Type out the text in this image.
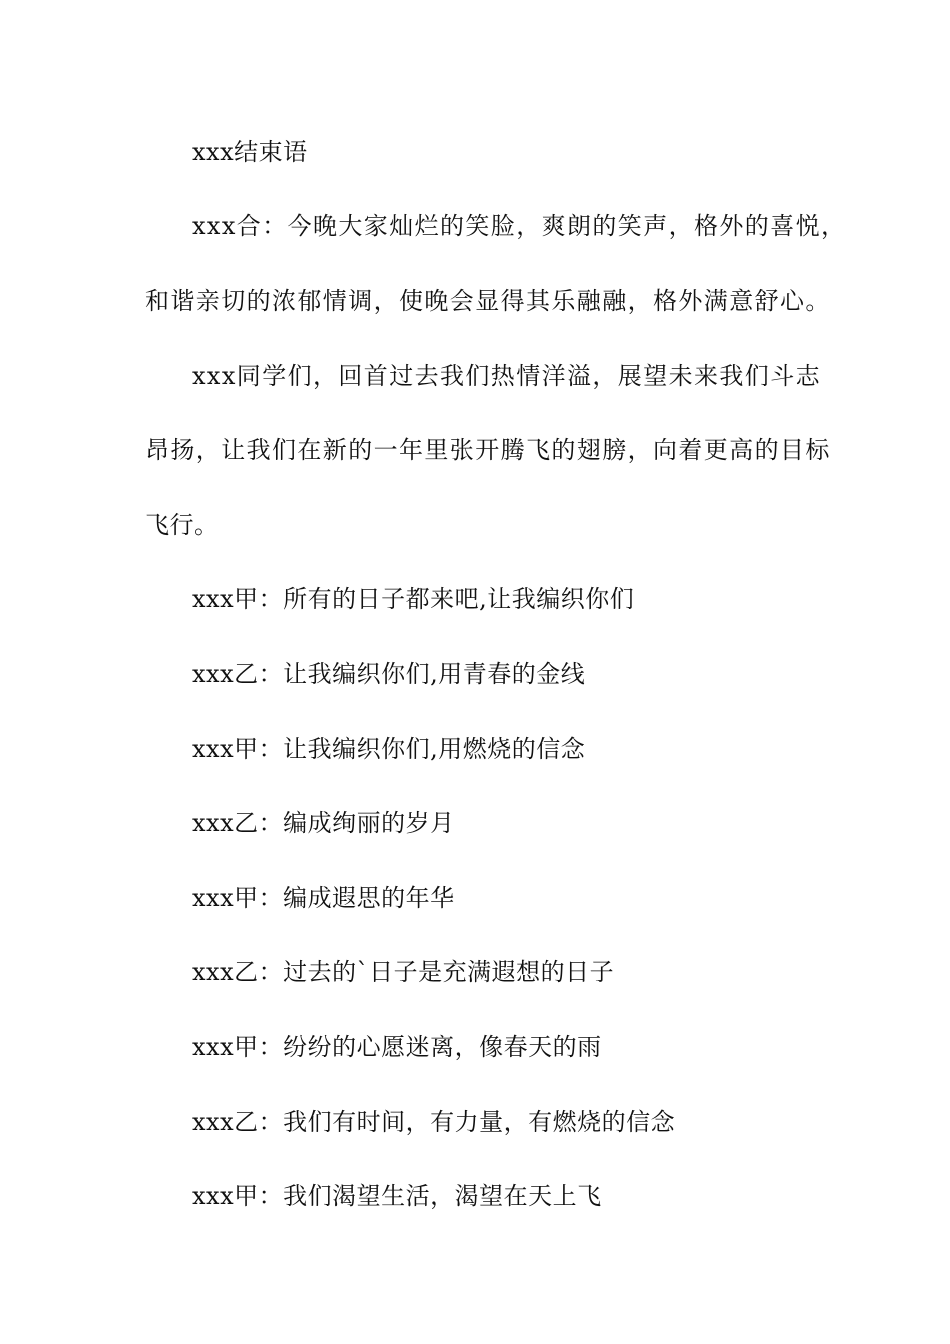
xxx结束语
xxx合：今晚大家灿烂的笑脸，爽朗的笑声，格外的喜悦，
和谐亲切的浓郁情调，使晚会显得其乐融融，格外满意舒心。
xxx同学们，回首过去我们热情洋溢，展望未来我们斗志
昂扬，让我们在新的一年里张开腾飞的翅膀，向着更高的目标
飞行。
xxx甲：所有的日子都来吧,让我编织你们
xxx乙：让我编织你们,用青春的金线
xxx甲：让我编织你们,用燃烧的信念
xxx乙：编成绚丽的岁月
xxx甲：编成遐思的年华
xxx乙：过去的`日子是充满遐想的日子
xxx甲：纷纷的心愿迷离，像春天的雨
xxx乙：我们有时间，有力量，有燃烧的信念
xxx甲：我们渴望生活，渴望在天上飞
